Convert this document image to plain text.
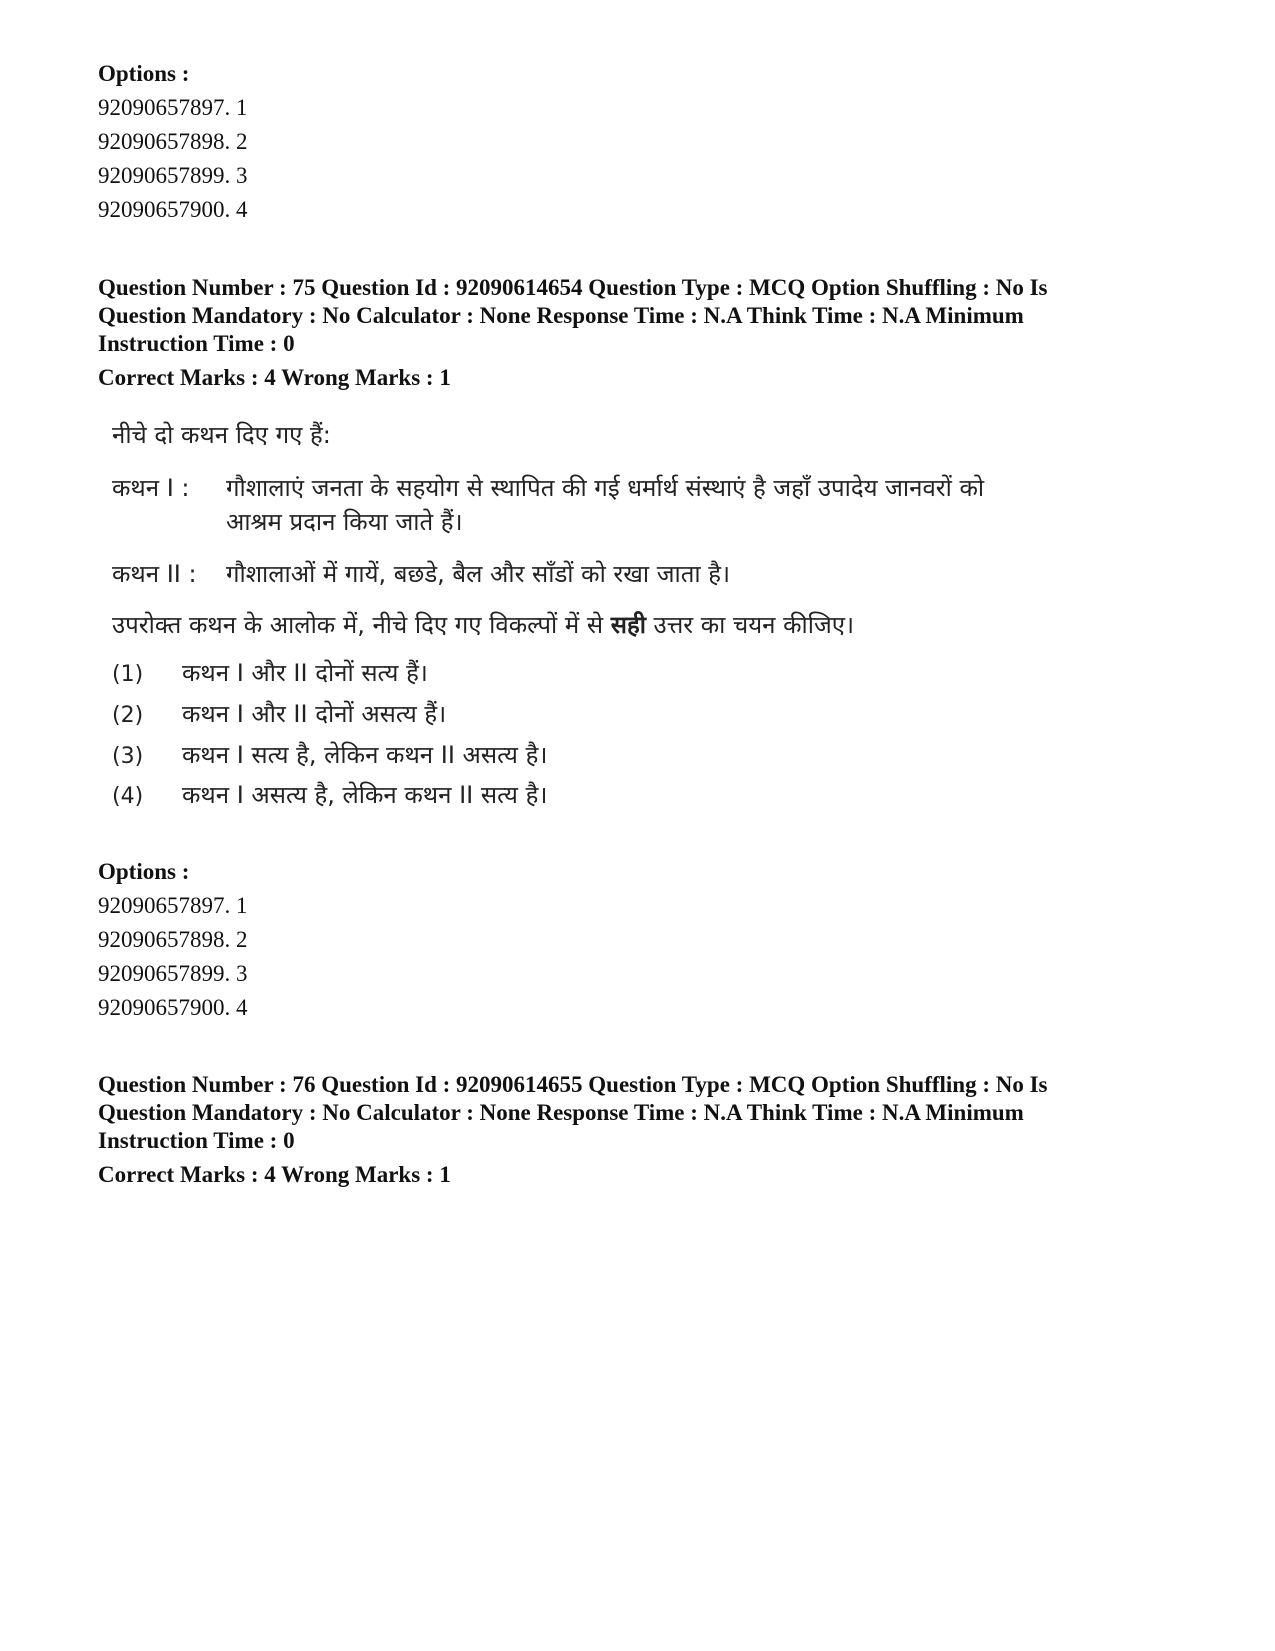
Options :
92090657897. 1
92090657898. 2
92090657899. 3
92090657900. 4
Question Number : 75 Question Id : 92090614654 Question Type : MCQ Option Shuffling : No Is
Question Mandatory : No Calculator : None Response Time : N.A Think Time : N.A Minimum
Instruction Time : 0
Correct Marks : 4 Wrong Marks : 1
नीचे दो कथन दिए गए हैं:
कथन I : गौशालाएं जनता के सहयोग से स्थापित की गई धर्मार्थ संस्थाएं है जहाँ उपादेय जानवरों को
आश्रम प्रदान किया जाते हैं।
कथन II : गौशालाओं में गायें, बछडे, बैल और साँडों को रखा जाता है।
उपरोक्त कथन के आलोक में, नीचे दिए गए विकल्पों में से सही उत्तर का चयन कीजिए।
(1) कथन I और II दोनों सत्य हैं।
(2) कथन I और II दोनों असत्य हैं।
(3) कथन I सत्य है, लेकिन कथन II असत्य है।
(4) कथन I असत्य है, लेकिन कथन II सत्य है।
Options :
92090657897. 1
92090657898. 2
92090657899. 3
92090657900. 4
Question Number : 76 Question Id : 92090614655 Question Type : MCQ Option Shuffling : No Is
Question Mandatory : No Calculator : None Response Time : N.A Think Time : N.A Minimum
Instruction Time : 0
Correct Marks : 4 Wrong Marks : 1
